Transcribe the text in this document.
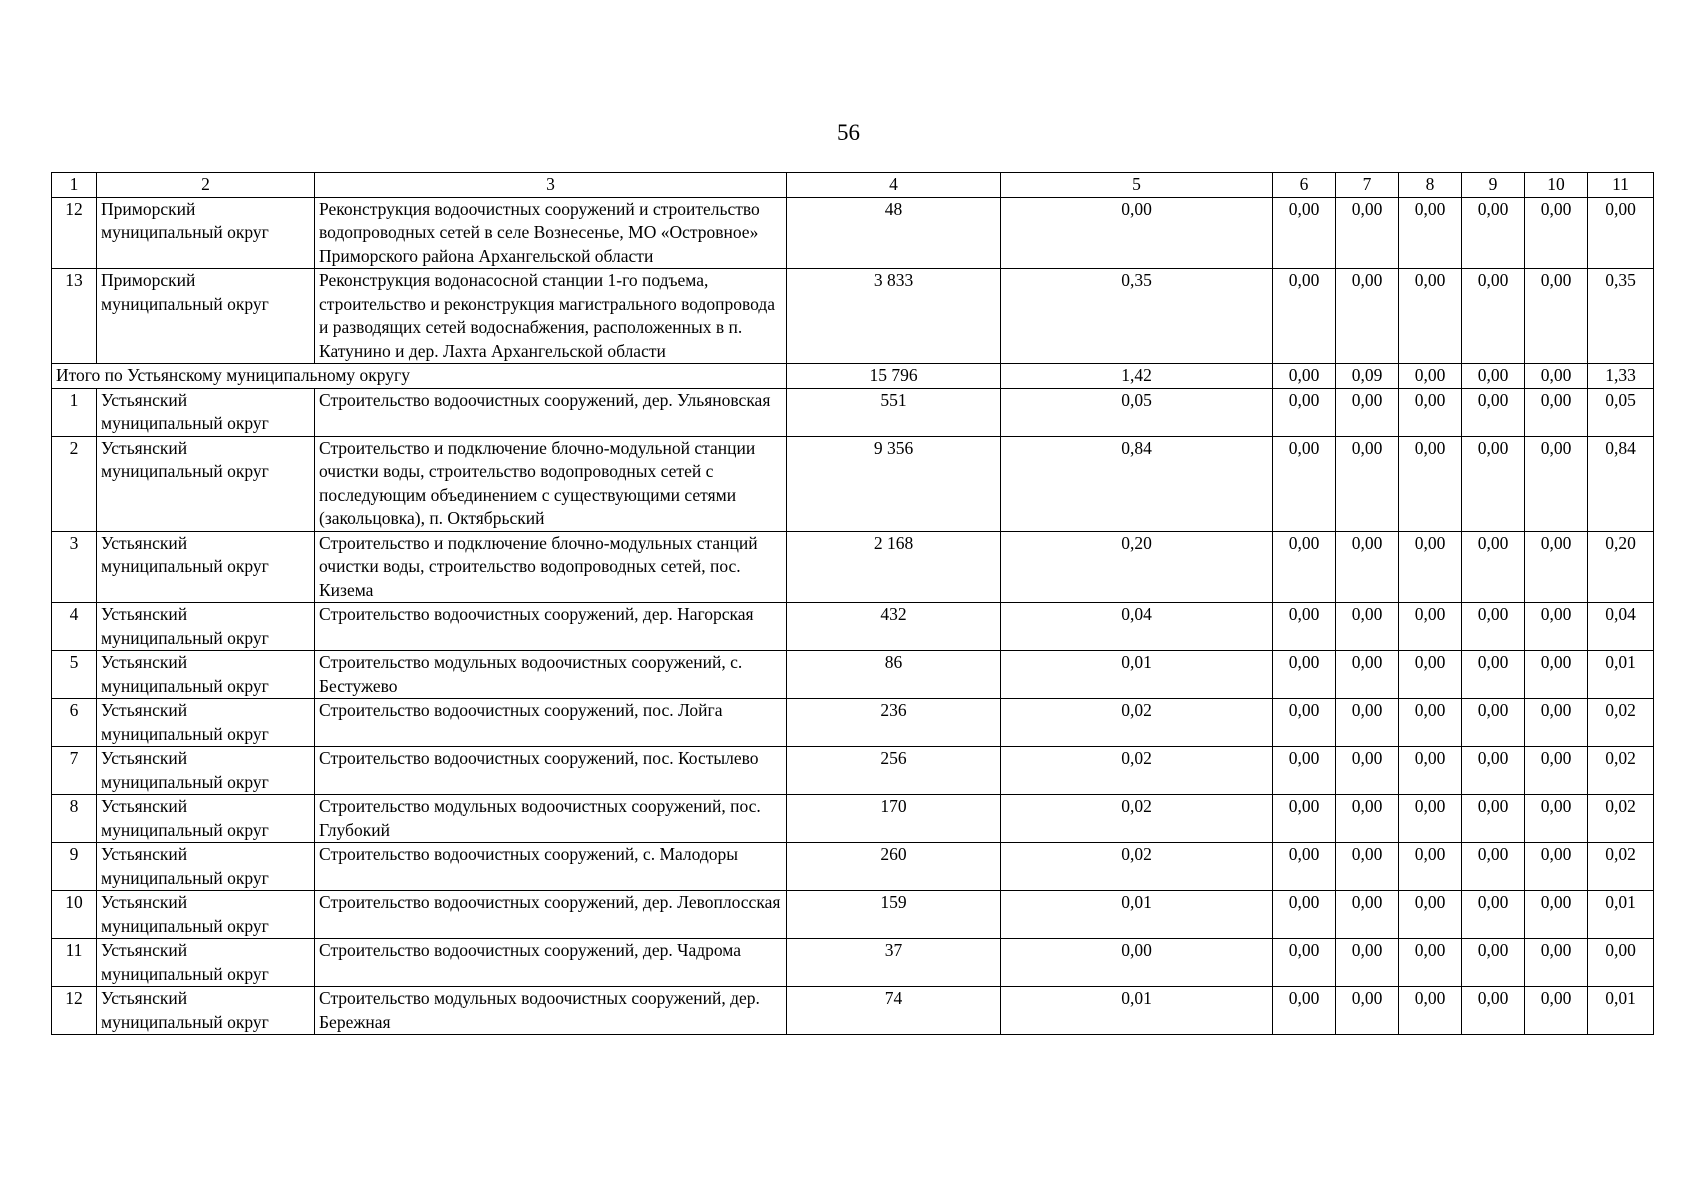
56
1	2	3	4	5	6	7	8	9	10	11
12	Приморский муниципальный округ	Реконструкция водоочистных сооружений и строительство водопроводных сетей в селе Вознесенье, МО «Островное» Приморского района Архангельской области	48	0,00	0,00	0,00	0,00	0,00	0,00	0,00
13	Приморский муниципальный округ	Реконструкция водонасосной станции 1-го подъема, строительство и реконструкция магистрального водопровода и разводящих сетей водоснабжения, расположенных в п. Катунино и дер. Лахта Архангельской области	3 833	0,35	0,00	0,00	0,00	0,00	0,00	0,35
Итого по Устьянскому муниципальному округу			15 796	1,42	0,00	0,09	0,00	0,00	0,00	1,33
1	Устьянский муниципальный округ	Строительство водоочистных сооружений, дер. Ульяновская	551	0,05	0,00	0,00	0,00	0,00	0,00	0,05
2	Устьянский муниципальный округ	Строительство и подключение блочно-модульной станции очистки воды, строительство водопроводных сетей с последующим объединением с существующими сетями (закольцовка), п. Октябрьский	9 356	0,84	0,00	0,00	0,00	0,00	0,00	0,84
3	Устьянский муниципальный округ	Строительство и подключение блочно-модульных станций очистки воды, строительство водопроводных сетей, пос. Кизема	2 168	0,20	0,00	0,00	0,00	0,00	0,00	0,20
4	Устьянский муниципальный округ	Строительство водоочистных сооружений, дер. Нагорская	432	0,04	0,00	0,00	0,00	0,00	0,00	0,04
5	Устьянский муниципальный округ	Строительство модульных водоочистных сооружений, с. Бестужево	86	0,01	0,00	0,00	0,00	0,00	0,00	0,01
6	Устьянский муниципальный округ	Строительство водоочистных сооружений, пос. Лойга	236	0,02	0,00	0,00	0,00	0,00	0,00	0,02
7	Устьянский муниципальный округ	Строительство водоочистных сооружений, пос. Костылево	256	0,02	0,00	0,00	0,00	0,00	0,00	0,02
8	Устьянский муниципальный округ	Строительство модульных водоочистных сооружений, пос. Глубокий	170	0,02	0,00	0,00	0,00	0,00	0,00	0,02
9	Устьянский муниципальный округ	Строительство водоочистных сооружений, с. Малодоры	260	0,02	0,00	0,00	0,00	0,00	0,00	0,02
10	Устьянский муниципальный округ	Строительство водоочистных сооружений, дер. Левоплосская	159	0,01	0,00	0,00	0,00	0,00	0,00	0,01
11	Устьянский муниципальный округ	Строительство водоочистных сооружений, дер. Чадрома	37	0,00	0,00	0,00	0,00	0,00	0,00	0,00
12	Устьянский муниципальный округ	Строительство модульных водоочистных сооружений, дер. Бережная	74	0,01	0,00	0,00	0,00	0,00	0,00	0,01
